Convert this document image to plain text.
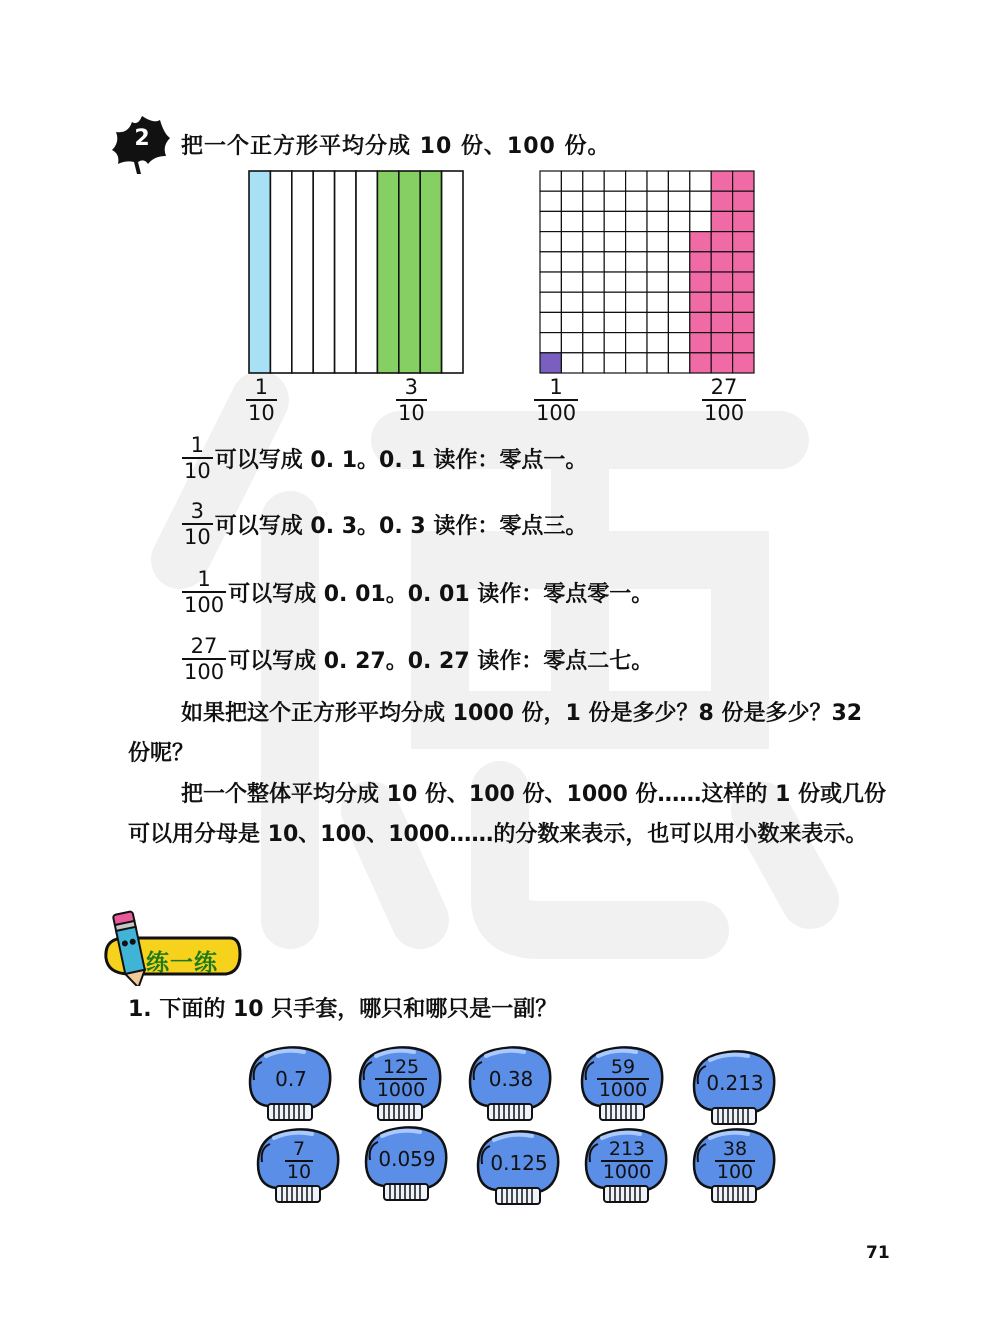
2 把一个正方形平均分成 10 份、100 份。
1
10
3
10
1
100
27
100
$\frac{1}{10}$ 可以写成 0. 1。0. 1 读作：零点一。
$\frac{3}{10}$ 可以写成 0. 3。0. 3 读作：零点三。
$\frac{1}{100}$ 可以写成 0. 01。0. 01 读作：零点零一。
$\frac{27}{100}$ 可以写成 0. 27。0. 27 读作：零点二七。
如果把这个正方形平均分成 1000 份，1 份是多少？8 份是多少？32 份呢？
把一个整体平均分成 10 份、100 份、1000 份……这样的 1 份或几份可以用分母是 10、100、1000……的分数来表示，也可以用小数来表示。
练一练
1. 下面的 10 只手套，哪只和哪只是一副？
0.7	$\frac{125}{1000}$	0.38	$\frac{59}{1000}$	0.213
$\frac{7}{10}$	0.059	0.125	$\frac{213}{1000}$	$\frac{38}{100}$
71
